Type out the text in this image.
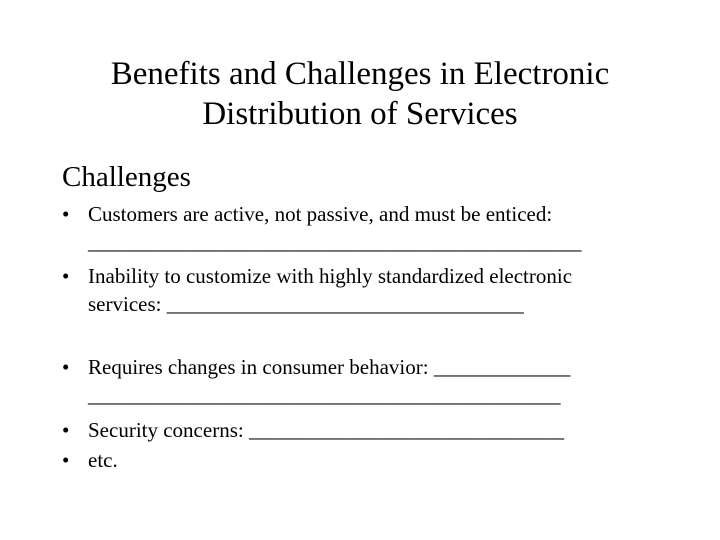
Benefits and Challenges in Electronic
Distribution of Services
Challenges
• Customers are active, not passive, and must be enticed:
_______________________________________________
• Inability to customize with highly standardized electronic
services: __________________________________
• Requires changes in consumer behavior: _____________
_____________________________________________
• Security concerns: ______________________________
• etc.
